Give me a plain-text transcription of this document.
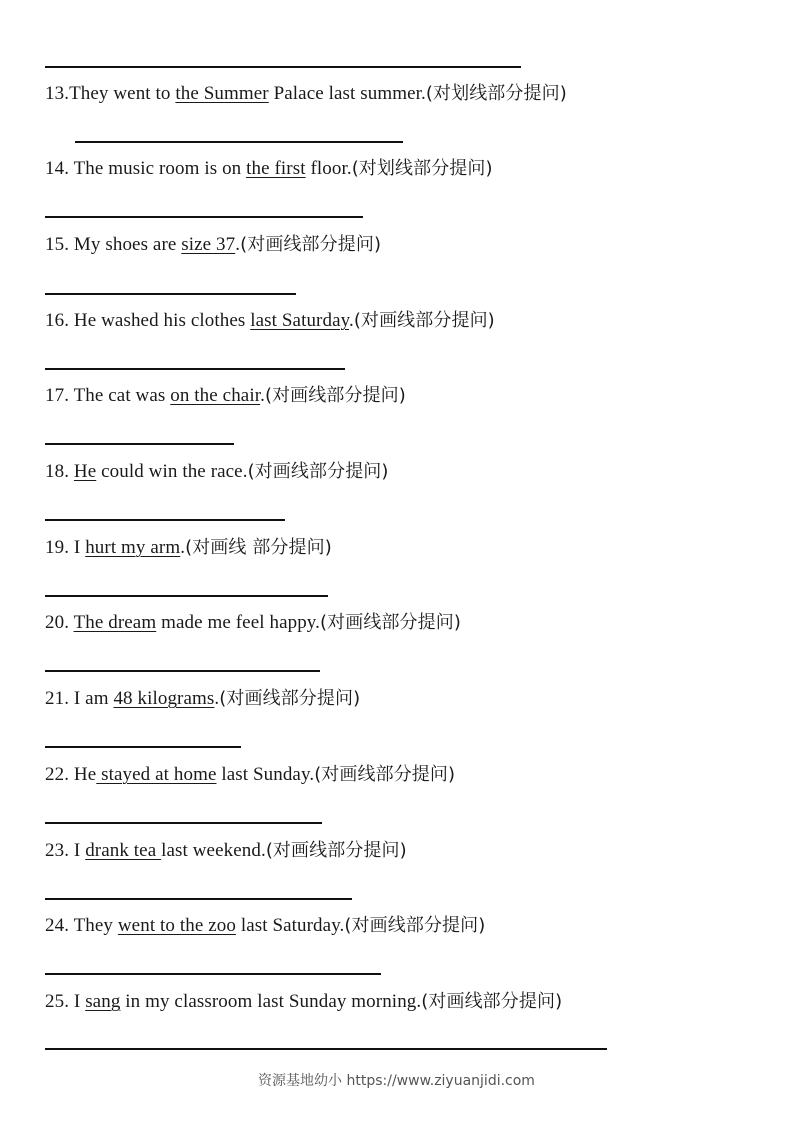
13.They went to the Summer Palace last summer.(对划线部分提问)
14. The music room is on the first floor.(对划线部分提问)
15. My shoes are size 37.(对画线部分提问)
16. He washed his clothes last Saturday.(对画线部分提问)
17. The cat was on the chair.(对画线部分提问)
18. He could win the race.(对画线部分提问)
19. I hurt my arm.(对画线 部分提问)
20. The dream made me feel happy.(对画线部分提问)
21. I am 48 kilograms.(对画线部分提问)
22. He stayed at home last Sunday.(对画线部分提问)
23. I drank tea last weekend.(对画线部分提问)
24. They went to the zoo last Saturday.(对画线部分提问)
25. I sang in my classroom last Sunday morning.(对画线部分提问)
资源基地幼小 https://www.ziyuanjidi.com
